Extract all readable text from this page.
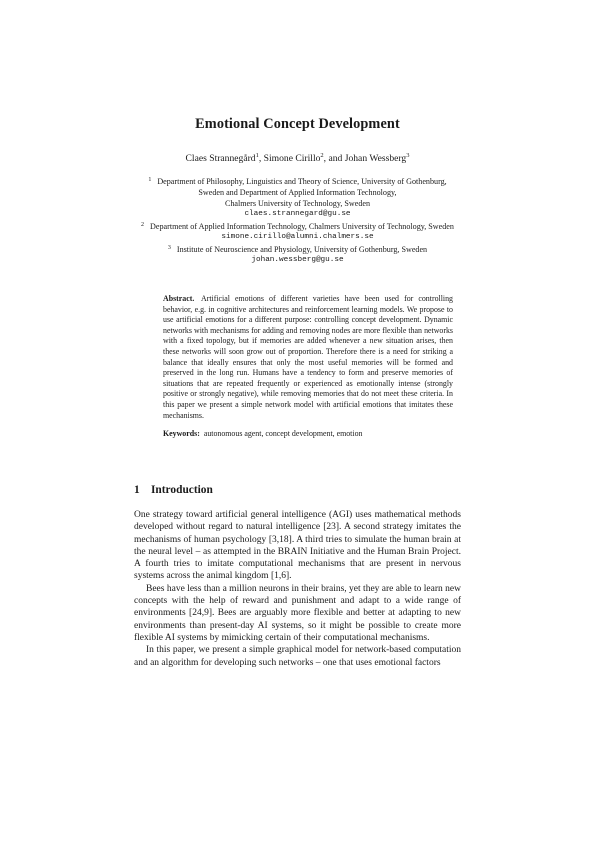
Emotional Concept Development
Claes Strannegård$^1$, Simone Cirillo$^2$, and Johan Wessberg$^3$
$^1$ Department of Philosophy, Linguistics and Theory of Science, University of Gothenburg,
Sweden and Department of Applied Information Technology,
Chalmers University of Technology, Sweden
claes.strannegard@gu.se
$^2$ Department of Applied Information Technology, Chalmers University of Technology, Sweden
simone.cirillo@alumni.chalmers.se
$^3$ Institute of Neuroscience and Physiology, University of Gothenburg, Sweden
johan.wessberg@gu.se

Abstract. Artificial emotions of different varieties have been used for controlling behavior, e.g. in cognitive architectures and reinforcement learning models. We propose to use artificial emotions for a different purpose: controlling concept development. Dynamic networks with mechanisms for adding and removing nodes are more flexible than networks with a fixed topology, but if memories are added whenever a new situation arises, then these networks will soon grow out of proportion. Therefore there is a need for striking a balance that ideally ensures that only the most useful memories will be formed and preserved in the long run. Humans have a tendency to form and preserve memories of situations that are repeated frequently or experienced as emotionally intense (strongly positive or strongly negative), while removing memories that do not meet these criteria. In this paper we present a simple network model with artificial emotions that imitates these mechanisms.

Keywords: autonomous agent, concept development, emotion

1 Introduction

One strategy toward artificial general intelligence (AGI) uses mathematical methods developed without regard to natural intelligence [23]. A second strategy imitates the mechanisms of human psychology [3,18]. A third tries to simulate the human brain at the neural level – as attempted in the BRAIN Initiative and the Human Brain Project. A fourth tries to imitate computational mechanisms that are present in nervous systems across the animal kingdom [1,6].

Bees have less than a million neurons in their brains, yet they are able to learn new concepts with the help of reward and punishment and adapt to a wide range of environments [24,9]. Bees are arguably more flexible and better at adapting to new environments than present-day AI systems, so it might be possible to create more flexible AI systems by mimicking certain of their computational mechanisms.

In this paper, we present a simple graphical model for network-based computation and an algorithm for developing such networks – one that uses emotional factors
